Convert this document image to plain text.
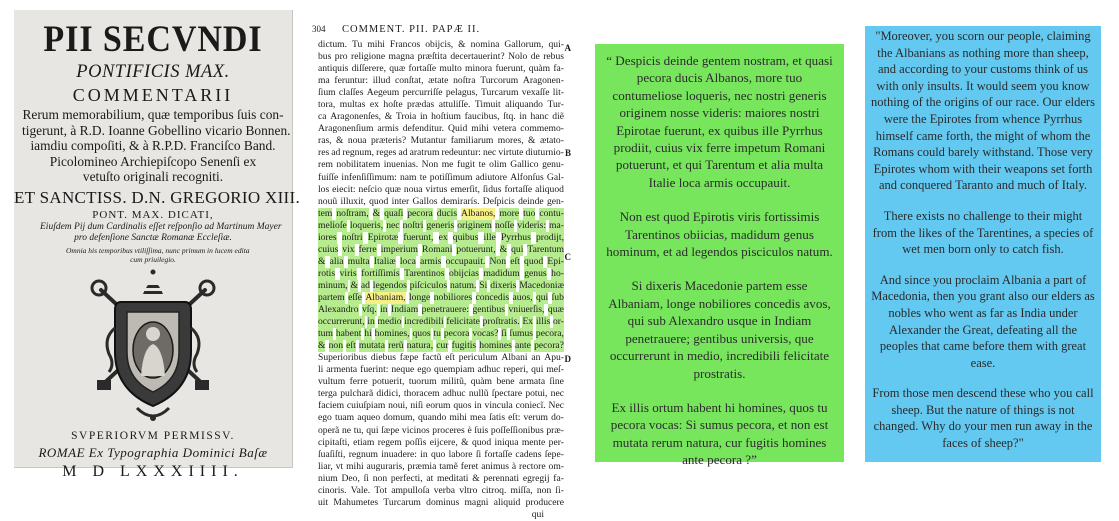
PII SECVNDI
PONTIFICIS MAX.
COMMENTARII
Rerum memorabilium, quæ temporibus ſuis con-
tigerunt, à R.D. Ioanne Gobellino vicario Bonnen.
iamdiu compoſiti, & à R.P.D. Franciſco Band.
Picolomineo Archiepiſcopo Senenſi ex
vetuſto originali recogniti.
ET SANCTISS. D.N. GREGORIO XIII.
PONT. MAX. DICATI,
Eiuſdem Pij dum Cardinalis eſſet reſponſio ad Martinum Mayer
pro defenſione Sanctæ Romanæ Eccleſiæ.
Omnia his temporibus vtiliſſima, nunc primum in lucem edita
cum priuilegio.
SVPERIORVM PERMISSV.
ROMAE Ex Typographia Dominici Baſæ
M D LXXXIIII.
304	COMMENT. PII. PAPÆ II.
dictum. Tu mihi Francos obijcis, & nomina Gallorum, qui-
bus pro religione magna præſtita decertauerint? Nolo de rebus
antiquis diſſerere, quæ fortaſſe multo minora fuerunt, quàm fa-
ma feruntur: illud conſtat, ætate noſtra Turcorum Aragonen-
ſium claſſes Aegeum percurriſſe pelagus, Turcarum vexaſſe lit-
tora, multas ex hoſte prædas attuliſſe. Timuit aliquando Tur-
ca Aragonenſes, & Troia in hoſtium faucibus, ſtq. in hanc diẽ
Aragonenſium armis defenditur. Quid mihi vetera commemo-
ras, & noua præteris? Mutantur familiarum mores, & ætato-
res ad regnum, reges ad aratrum redeuntur: nec virtute diuturnio-
rem nobilitatem inuenias. Non me fugit te olim Gallico genu-
fuiſſe infenſiſſimum: nam te potiſſimum adiutore Alfonſus Gal-
los eiecit: neſcio quæ noua virtus emerſit, ſidus fortaſſe aliquod
nouũ illuxit, quod inter Gallos demirarís. Deſpicis deinde gen-
tem noſtram, & quaſi pecora ducis Albanos, more tuo contu-
melioſe loqueris, nec noſtri generis originem noſſe videris: ma-
iores noſtri Epirotæ fuerunt, ex quibus ille Pyrrhus prodijt,
cuius vix ferre imperium Romani potuerunt, & qui Tarentum
& alia multa Italiæ loca armis occupauit. Non eſt quod Epi-
rotis viris fortiſſimis Tarentinos obijcias madidum genus ho-
minum, & ad legendos piſciculos natum. Si dixeris Macedoniæ
partem eſſe Albaniam, longe nobiliores concedis auos, qui ſub
Alexandro vſq. in Indiam penetrauere: gentibus vniuerſis, quæ
occurrerunt, in medio incredibili felicitate proſtratis. Ex illis or-
tum habent hi homines, quos tu pecora vocas? ſi ſumus pecora,
& non eſt mutata rerũ natura, cur fugitis homines ante pecora?
Superioribus diebus fæpe factũ eſt periculum Albani an Apu-
li armenta fuerint: neque ego quempiam adhuc reperi, qui meſ-
vultum ferre potuerit, tuorum militũ, quàm bene armata ſine
terga pulcharã didici, thoracem adhuc nullũ ſpectare potui, nec
faciem cuiuſpiam noui, niſi eorum quos in vincula coniecĩ. Nec
ego tuam aqueo domum, quando mihi mea ſatis eſt: verum do-
operã ne tu, qui ſæpe vicinos proceres è ſuis poſſeſſionibus præ-
cipitaſti, etiam regem poſſis eijcere, & quod iniqua mente per-
ſuaſiſti, regnum inuadere: in quo labore ſi fortaſſe cadens ſepe-
liar, vt mihi auguraris, præmia tamẽ feret animus à rectore om-
nium Deo, ſi non perfecti, at meditati & perennati egregij fa-
cinoris. Vale. Tot ampulloſa verba vltro citroq. miſſa, non ſi-
uit Mahumetes Turcarum dominus magni aliquid producere
qui
A
B
C
D

“ Despicis deinde gentem nostram, et quasi pecora ducis Albanos, more tuo contumeliose loqueris, nec nostri generis originem nosse videris: maiores nostri Epirotae fuerunt, ex quibus ille Pyrrhus prodiit, cuius vix ferre impetum Romani potuerunt, et qui Tarentum et alia multa Italie loca armis occupauit.

Non est quod Epirotis viris fortissimis Tarentinos obiicias, madidum genus hominum, et ad legendos pisciculos natum.

Si dixeris Macedonie partem esse Albaniam, longe nobiliores concedis avos, qui sub Alexandro usque in Indiam penetrauere; gentibus universis, que occurrerunt in medio, incredibili felicitate prostratis.

Ex illis ortum habent hi homines, quos tu pecora vocas: Si sumus pecora, et non est mutata rerum natura, cur fugitis homines ante pecora ?”

"Moreover, you scorn our people, claiming the Albanians as nothing more than sheep, and according to your customs think of us with only insults. It would seem you know nothing of the origins of our race. Our elders were the Epirotes from whence Pyrrhus himself came forth, the might of whom the Romans could barely withstand. Those very Epirotes whom with their weapons set forth and conquered Taranto and much of Italy.

There exists no challenge to their might from the likes of the Tarentines, a species of wet men born only to catch fish.

And since you proclaim Albania a part of Macedonia, then you grant also our elders as nobles who went as far as India under Alexander the Great, defeating all the peoples that came before them with great ease.

From those men descend these who you call sheep. But the nature of things is not changed. Why do your men run away in the faces of sheep?"
